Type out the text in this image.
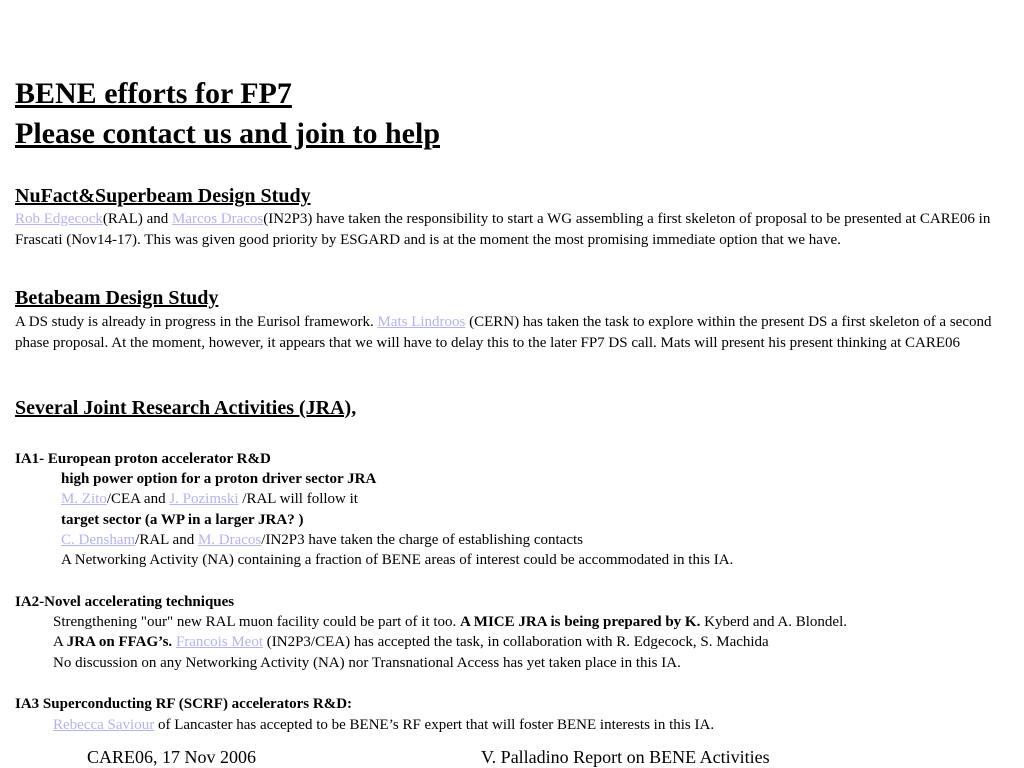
BENE efforts for FP7
Please contact us and join to help
NuFact&Superbeam Design Study
Rob Edgecock(RAL) and Marcos Dracos(IN2P3) have taken the responsibility to start a WG assembling a first skeleton of proposal to be presented at CARE06 in Frascati (Nov14-17). This was given good priority by ESGARD and is at the moment the most promising immediate option that we have.
Betabeam Design Study
A DS study is already in progress in the Eurisol framework. Mats Lindroos (CERN) has taken the task to explore within the present DS a first skeleton of a second phase proposal. At the moment, however, it appears that we will have to delay this to the later FP7 DS call. Mats will present his present thinking at CARE06
Several Joint Research Activities (JRA),
IA1- European proton accelerator R&D
high power option for a proton driver sector JRA
M. Zito/CEA and J. Pozimski /RAL will follow it
target sector (a WP in a larger JRA? )
C. Densham/RAL and M. Dracos/IN2P3 have taken the charge of establishing contacts
A Networking Activity (NA) containing a fraction of BENE areas of interest could be accommodated in this IA.
IA2-Novel accelerating techniques
Strengthening "our" new RAL muon facility could be part of it too. A MICE JRA is being prepared by K. Kyberd and A. Blondel.
A JRA on FFAG’s. Francois Meot (IN2P3/CEA) has accepted the task, in collaboration with R. Edgecock, S. Machida
No discussion on any Networking Activity (NA) nor Transnational Access has yet taken place in this IA.
IA3 Superconducting RF (SCRF) accelerators R&D:
Rebecca Saviour of Lancaster has accepted to be BENE’s RF expert that will foster BENE interests in this IA.
CARE06, 17 Nov 2006	V. Palladino Report on BENE Activities
